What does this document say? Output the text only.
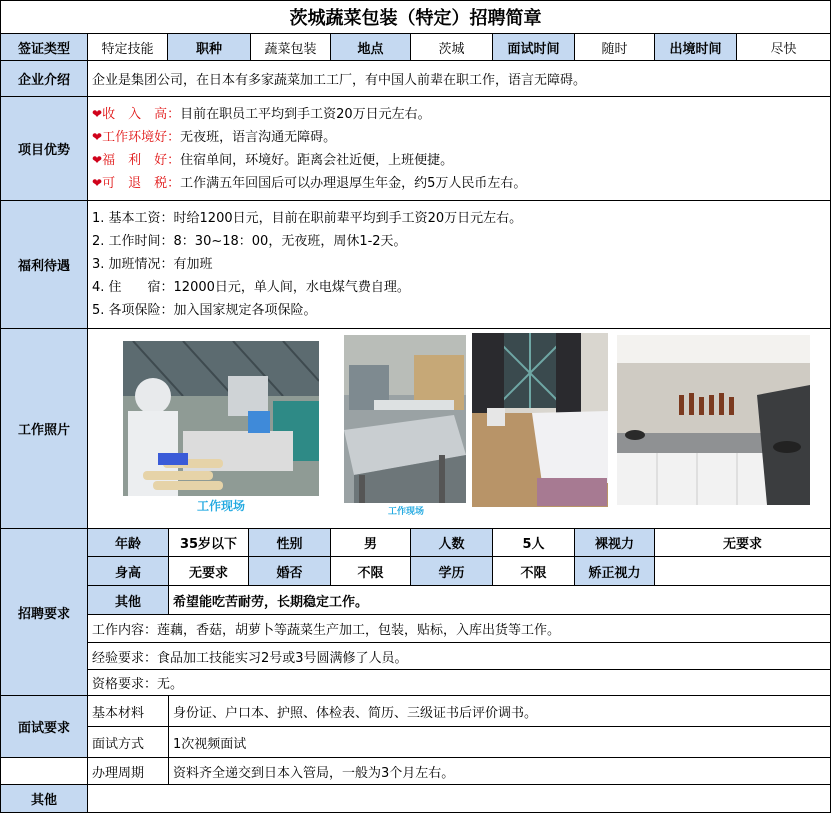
茨城蔬菜包装（特定）招聘简章
签证类型	特定技能	职种	蔬菜包装	地点	茨城	面试时间	随时	出境时间	尽快
企业介绍	企业是集团公司，在日本有多家蔬菜加工工厂，有中国人前辈在职工作，语言无障碍。
项目优势
❤收　入　高：目前在职员工平均到手工资20万日元左右。
❤工作环境好：无夜班，语言沟通无障碍。
❤福　利　好：住宿单间，环境好。距离会社近便，上班便捷。
❤可　退　税：工作满五年回国后可以办理退厚生年金，约5万人民币左右。
福利待遇
1. 基本工资：时给1200日元，目前在职前辈平均到手工资20万日元左右。
2. 工作时间：8：30~18：00，无夜班，周休1-2天。
3. 加班情况：有加班
4. 住　　宿：12000日元，单人间，水电煤气费自理。
5. 各项保险：加入国家规定各项保险。
工作照片
工作现场	工作现场
招聘要求
年龄	35岁以下	性别	男	人数	5人	裸视力	无要求
身高	无要求	婚否	不限	学历	不限	矫正视力
其他	希望能吃苦耐劳，长期稳定工作。
工作内容：莲藕，香菇，胡萝卜等蔬菜生产加工，包装，贴标，入库出货等工作。
经验要求：食品加工技能实习2号或3号圆满修了人员。
资格要求：无。
面试要求
基本材料	身份证、户口本、护照、体检表、简历、三级证书后评价调书。
面试方式	1次视频面试
办理周期	资料齐全递交到日本入管局，一般为3个月左右。
其他
